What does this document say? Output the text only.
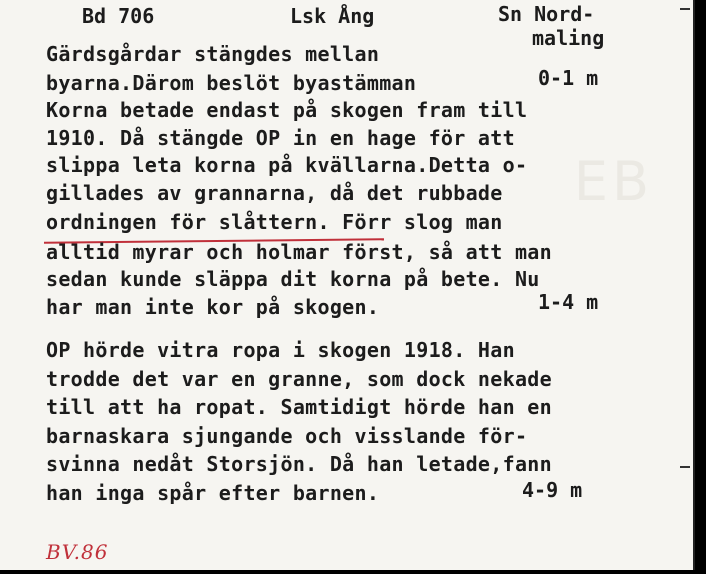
EB
Bd 706	Lsk Ång	Sn Nord-
maling
Gärdsgårdar stängdes mellan
byarna.Därom beslöt byastämman	0-1 m
Korna betade endast på skogen fram till
1910. Då stängde OP in en hage för att
slippa leta korna på kvällarna.Detta o-
gillades av grannarna, då det rubbade
ordningen för slåttern. Förr slog man
alltid myrar och holmar först, så att man
sedan kunde släppa dit korna på bete. Nu
har man inte kor på skogen.	1-4 m
OP hörde vitra ropa i skogen 1918. Han
trodde det var en granne, som dock nekade
till att ha ropat. Samtidigt hörde han en
barnaskara sjungande och visslande för-
svinna nedåt Storsjön. Då han letade,fann
han inga spår efter barnen.	4-9 m
BV.86
